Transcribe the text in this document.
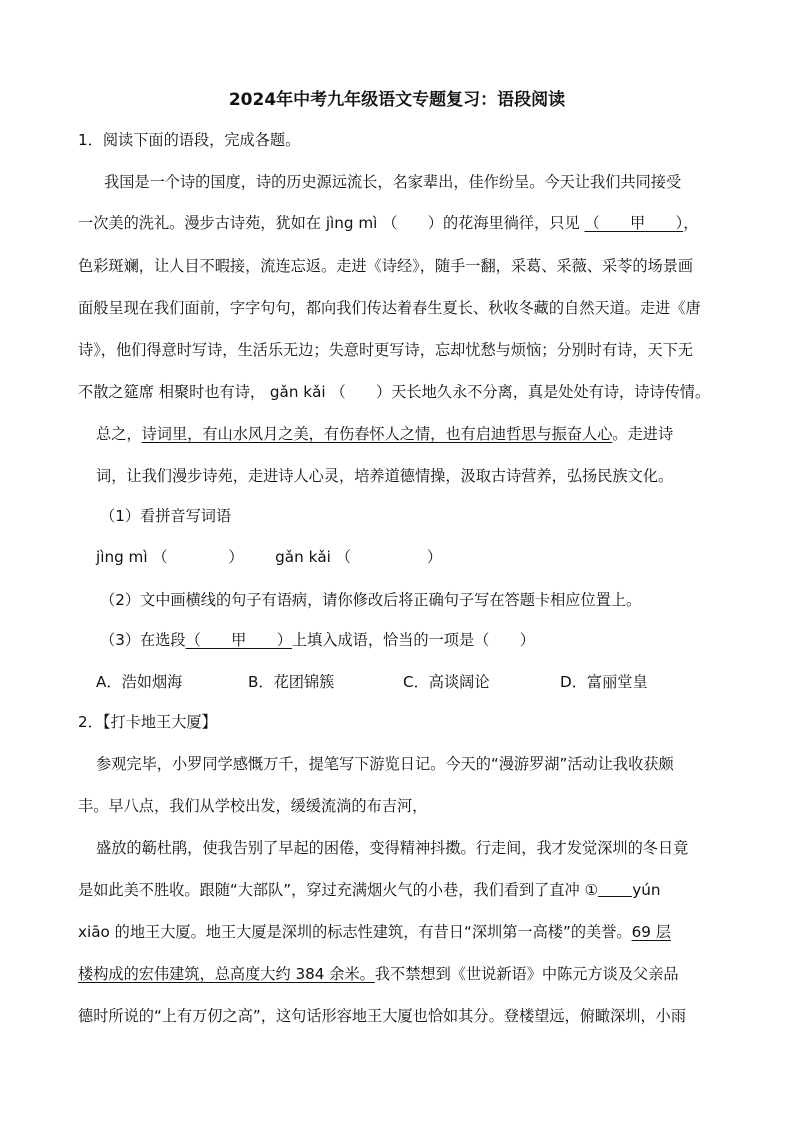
2024年中考九年级语文专题复习：语段阅读
1．阅读下面的语段，完成各题。
我国是一个诗的国度，诗的历史源远流长，名家辈出，佳作纷呈。今天让我们共同接受
一次美的洗礼。漫步古诗苑，犹如在 jìng mì （　　）的花海里徜徉，只见 （　　甲　　），
色彩斑斓，让人目不暇接，流连忘返。走进《诗经》，随手一翻，采葛、采薇、采苓的场景画
面般呈现在我们面前，字字句句，都向我们传达着春生夏长、秋收冬藏的自然天道。走进《唐
诗》，他们得意时写诗，生活乐无边；失意时更写诗，忘却忧愁与烦恼；分别时有诗，天下无
不散之筵席 相聚时也有诗， gǎn kǎi （　　）天长地久永不分离，真是处处有诗，诗诗传情。
总之，诗词里，有山水风月之美，有伤春怀人之情，也有启迪哲思与振奋人心。走进诗
词，让我们漫步诗苑，走进诗人心灵，培养道德情操，汲取古诗营养，弘扬民族文化。
（1）看拼音写词语
jìng mì （　　　　） gǎn kǎi （　　　　　）
（2）文中画横线的句子有语病，请你修改后将正确句子写在答题卡相应位置上。
（3）在选段（　　甲　　）上填入成语，恰当的一项是（　　）
A．浩如烟海	B．花团锦簇	C．高谈阔论	D．富丽堂皇
2．【打卡地王大厦】
参观完毕，小罗同学感慨万千，提笔写下游览日记。今天的“漫游罗湖”活动让我收获颇
丰。早八点，我们从学校出发，缓缓流淌的布吉河，
盛放的簕杜鹃，使我告别了早起的困倦，变得精神抖擞。行走间，我才发觉深圳的冬日竟
是如此美不胜收。跟随“大部队”，穿过充满烟火气的小巷，我们看到了直冲 ① yún
xiāo 的地王大厦。地王大厦是深圳的标志性建筑，有昔日“深圳第一高楼”的美誉。69 层
楼构成的宏伟建筑，总高度大约 384 余米。我不禁想到《世说新语》中陈元方谈及父亲品
德时所说的“上有万仞之高”，这句话形容地王大厦也恰如其分。登楼望远，俯瞰深圳，小雨
